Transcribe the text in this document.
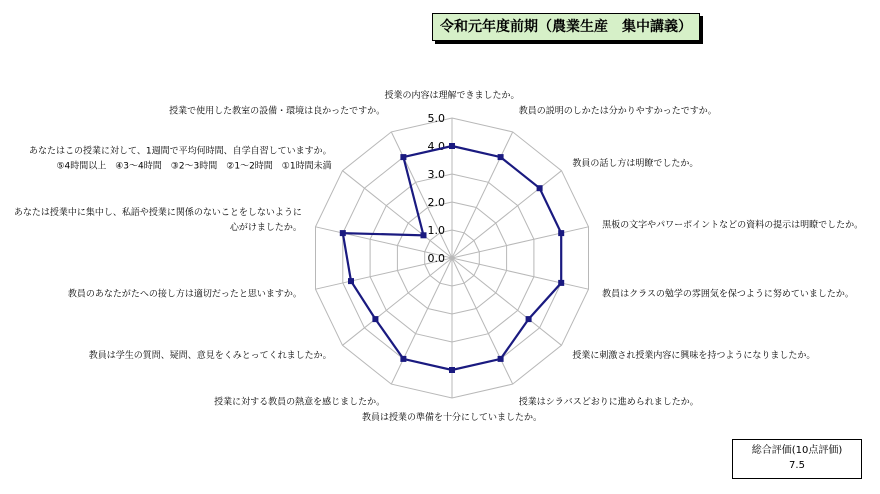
令和元年度前期（農業生産　集中講義）
0.0
1.0
2.0
3.0
4.0
5.0
授業の内容は理解できましたか。
教員の説明のしかたは分かりやすかったですか。
教員の話し方は明瞭でしたか。
黒板の文字やパワーポイントなどの資料の提示は明瞭でしたか。
教員はクラスの勉学の雰囲気を保つように努めていましたか。
授業に刺激され授業内容に興味を持つようになりましたか。
授業はシラバスどおりに進められましたか。
教員は授業の準備を十分にしていましたか。
授業に対する教員の熱意を感じましたか。
教員は学生の質問、疑問、意見をくみとってくれましたか。
教員のあなたがたへの接し方は適切だったと思いますか。
あなたは授業中に集中し、私語や授業に関係のないことをしないように心がけましたか。
あなたはこの授業に対して、1週間で平均何時間、自学自習していますか。 ⑤4時間以上　④3～4時間　③2～3時間　②1～2時間　①1時間未満
授業で使用した教室の設備・環境は良かったですか。
総合評価(10点評価)
7.5
